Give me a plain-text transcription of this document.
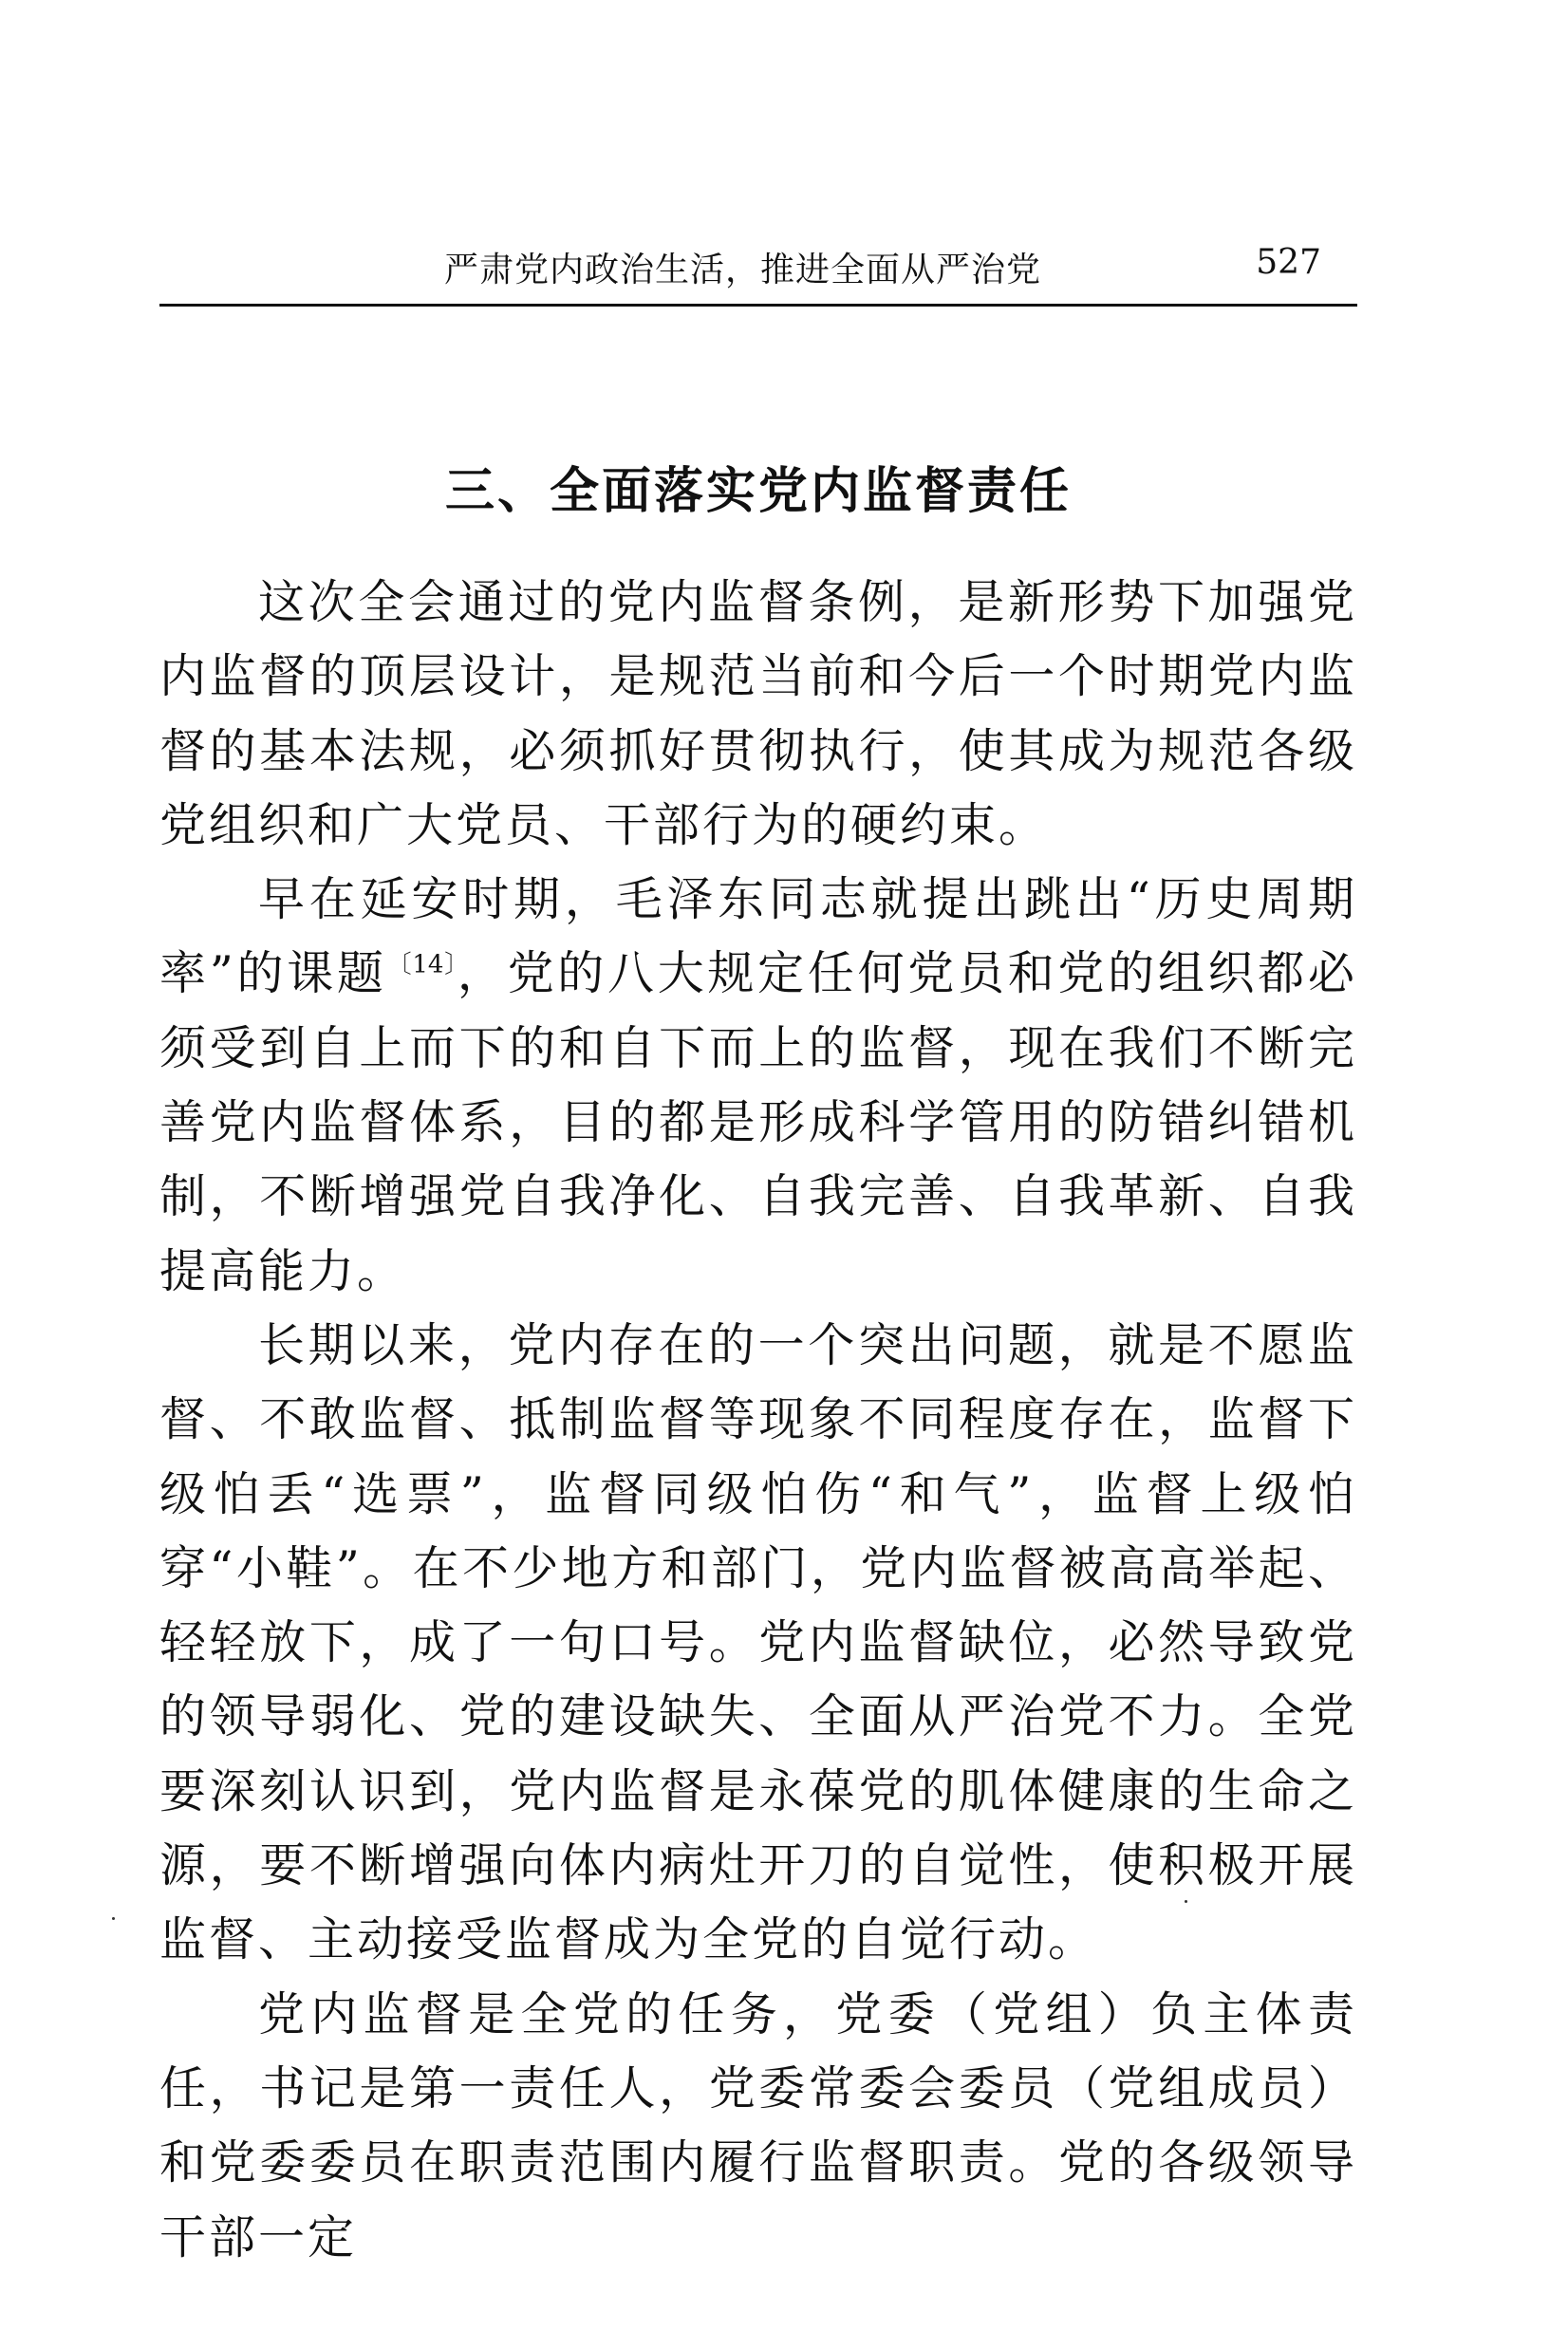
严肃党内政治生活，推进全面从严治党	527
三、全面落实党内监督责任

这次全会通过的党内监督条例，是新形势下加强党内监督的顶层设计，是规范当前和今后一个时期党内监督的基本法规，必须抓好贯彻执行，使其成为规范各级党组织和广大党员、干部行为的硬约束。

早在延安时期，毛泽东同志就提出跳出“历史周期率”的课题$^{〔14〕}$，党的八大规定任何党员和党的组织都必须受到自上而下的和自下而上的监督，现在我们不断完善党内监督体系，目的都是形成科学管用的防错纠错机制，不断增强党自我净化、自我完善、自我革新、自我提高能力。

长期以来，党内存在的一个突出问题，就是不愿监督、不敢监督、抵制监督等现象不同程度存在，监督下级怕丢“选票”，监督同级怕伤“和气”，监督上级怕穿“小鞋”。在不少地方和部门，党内监督被高高举起、轻轻放下，成了一句口号。党内监督缺位，必然导致党的领导弱化、党的建设缺失、全面从严治党不力。全党要深刻认识到，党内监督是永葆党的肌体健康的生命之源，要不断增强向体内病灶开刀的自觉性，使积极开展监督、主动接受监督成为全党的自觉行动。

党内监督是全党的任务，党委（党组）负主体责任，书记是第一责任人，党委常委会委员（党组成员）和党委委员在职责范围内履行监督职责。党的各级领导干部一定
